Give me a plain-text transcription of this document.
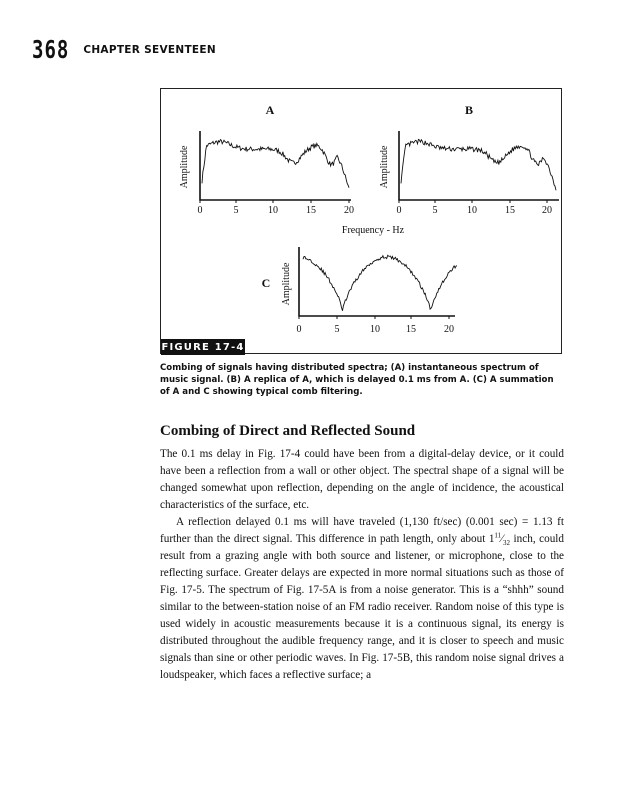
368 CHAPTER SEVENTEEN
A	B
C
Amplitude	Amplitude
Amplitude
0	5	10	15	20	0	5	10	15	20
0	5	10	15	20
Frequency - Hz
FIGURE 17-4
Combing of signals having distributed spectra; (A) instantaneous spectrum of music signal. (B) A replica of A, which is delayed 0.1 ms from A. (C) A summation of A and C showing typical comb filtering.
Combing of Direct and Reflected Sound

The 0.1 ms delay in Fig. 17-4 could have been from a digital-delay device, or it could have been a reflection from a wall or other object. The spectral shape of a signal will be changed somewhat upon reflection, depending on the angle of incidence, the acoustical characteristics of the surface, etc.

A reflection delayed 0.1 ms will have traveled (1,130 ft/sec) (0.001 sec) = 1.13 ft further than the direct signal. This difference in path length, only about $1^{11}⁄_{32}$ inch, could result from a grazing angle with both source and listener, or microphone, close to the reflecting surface. Greater delays are expected in more normal situations such as those of Fig. 17-5. The spectrum of Fig. 17-5A is from a noise generator. This is a “shhh” sound similar to the between-station noise of an FM radio receiver. Random noise of this type is used widely in acoustic measurements because it is a continuous signal, its energy is distributed throughout the audible frequency range, and it is closer to speech and music signals than sine or other periodic waves. In Fig. 17-5B, this random noise signal drives a loudspeaker, which faces a reflective surface; a
